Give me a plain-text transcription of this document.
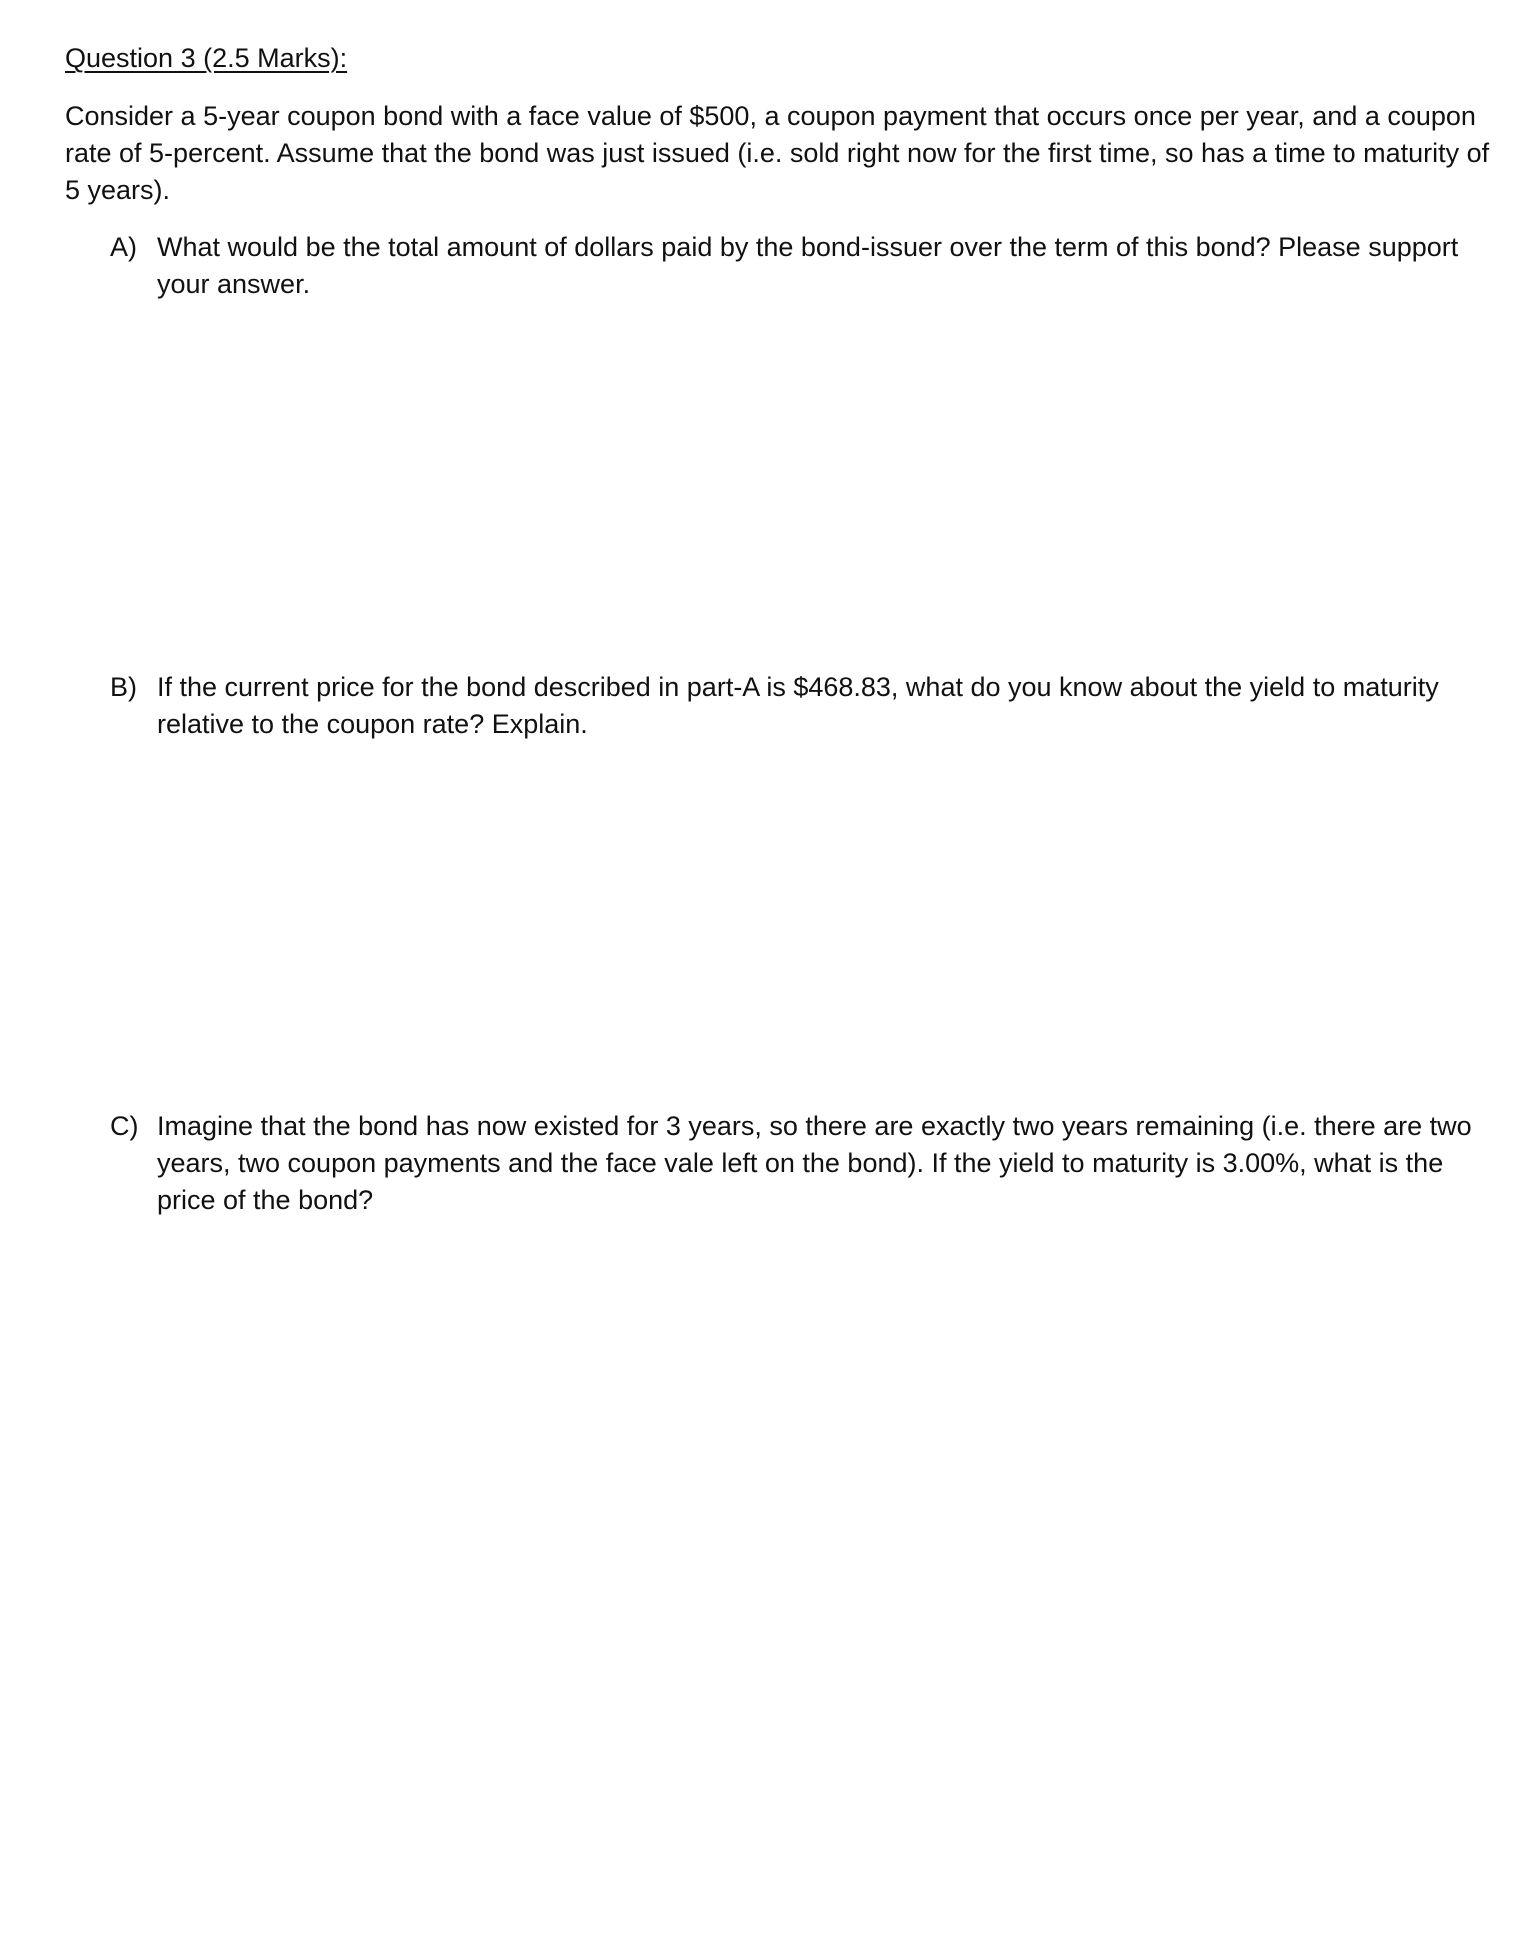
Question 3 (2.5 Marks):

Consider a 5-year coupon bond with a face value of $500, a coupon payment that occurs once per year, and a coupon
rate of 5-percent. Assume that the bond was just issued (i.e. sold right now for the first time, so has a time to maturity of
5 years).

A) What would be the total amount of dollars paid by the bond-issuer over the term of this bond? Please support
your answer.
B) If the current price for the bond described in part-A is $468.83, what do you know about the yield to maturity
relative to the coupon rate? Explain.
C) Imagine that the bond has now existed for 3 years, so there are exactly two years remaining (i.e. there are two
years, two coupon payments and the face vale left on the bond). If the yield to maturity is 3.00%, what is the
price of the bond?
